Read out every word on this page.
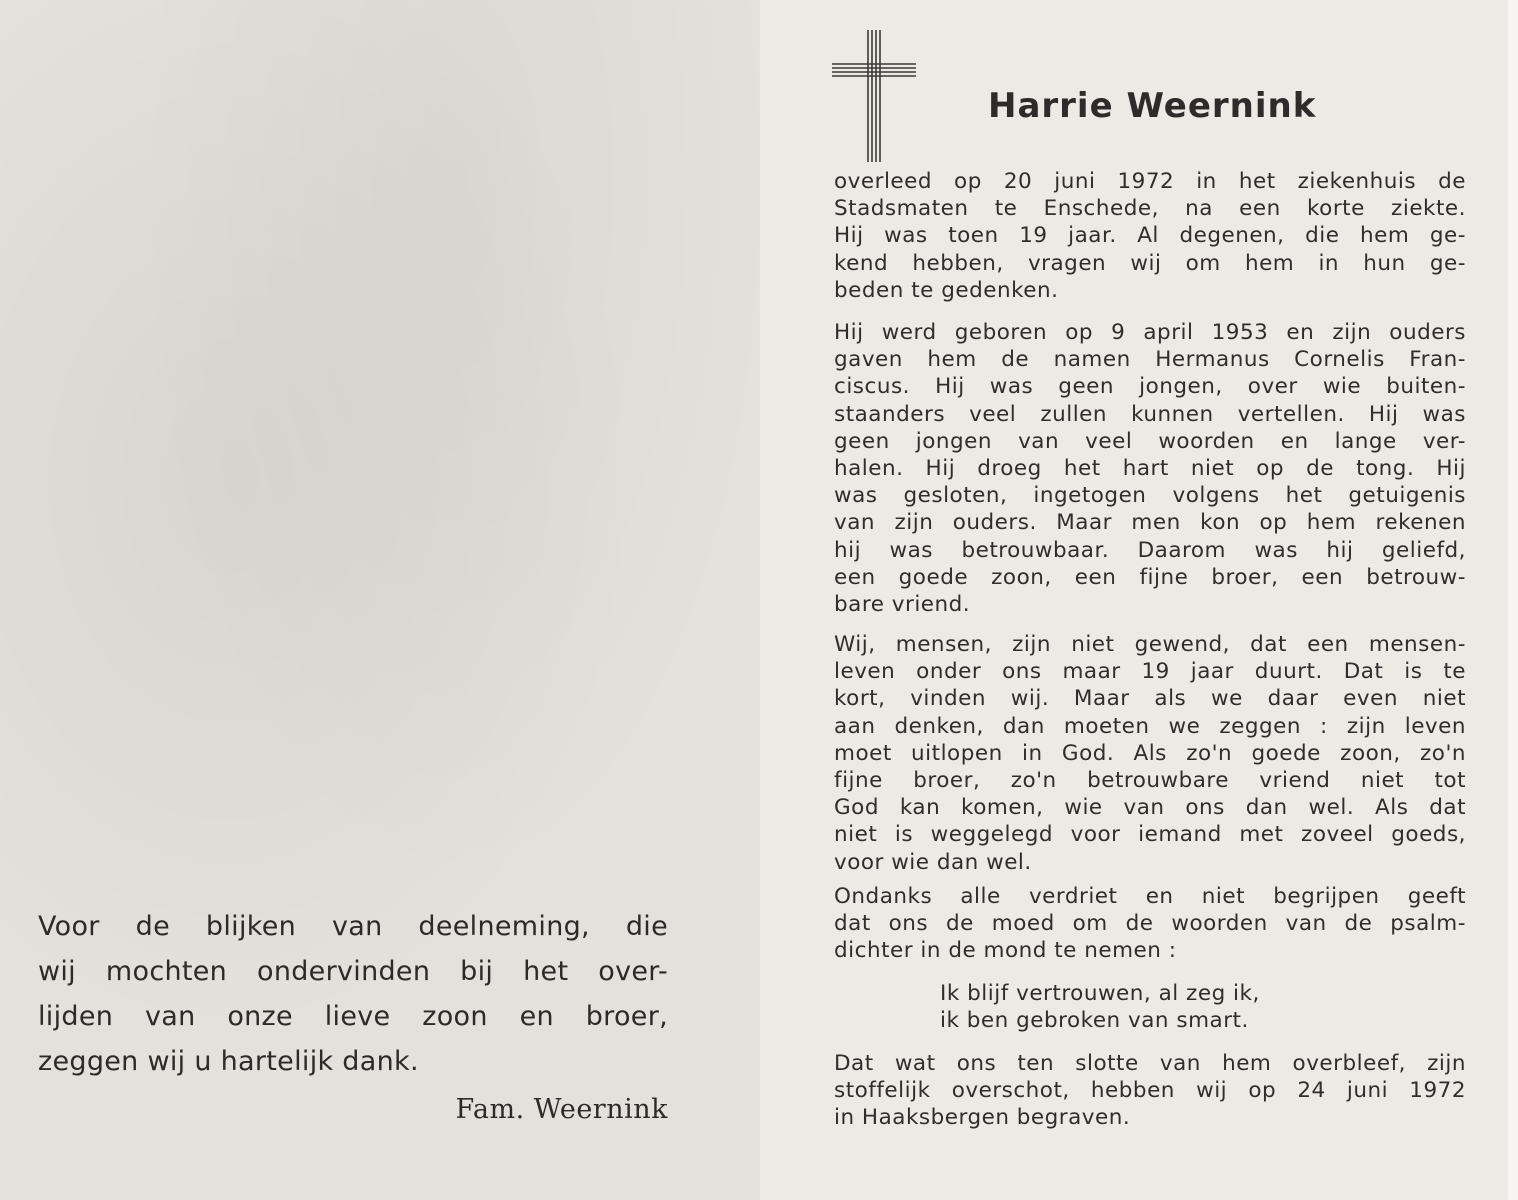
Harrie Weernink
overleed op 20 juni 1972 in het ziekenhuis de
Stadsmaten te Enschede, na een korte ziekte.
Hij was toen 19 jaar. Al degenen, die hem ge-
kend hebben, vragen wij om hem in hun ge-
beden te gedenken.
Hij werd geboren op 9 april 1953 en zijn ouders
gaven hem de namen Hermanus Cornelis Fran-
ciscus. Hij was geen jongen, over wie buiten-
staanders veel zullen kunnen vertellen. Hij was
geen jongen van veel woorden en lange ver-
halen. Hij droeg het hart niet op de tong. Hij
was gesloten, ingetogen volgens het getuigenis
van zijn ouders. Maar men kon op hem rekenen
hij was betrouwbaar. Daarom was hij geliefd,
een goede zoon, een fijne broer, een betrouw-
bare vriend.
Wij, mensen, zijn niet gewend, dat een mensen-
leven onder ons maar 19 jaar duurt. Dat is te
kort, vinden wij. Maar als we daar even niet
aan denken, dan moeten we zeggen : zijn leven
moet uitlopen in God. Als zo'n goede zoon, zo'n
fijne broer, zo'n betrouwbare vriend niet tot
God kan komen, wie van ons dan wel. Als dat
niet is weggelegd voor iemand met zoveel goeds,
voor wie dan wel.
Ondanks alle verdriet en niet begrijpen geeft
dat ons de moed om de woorden van de psalm-
dichter in de mond te nemen :
Ik blijf vertrouwen, al zeg ik,
ik ben gebroken van smart.
Dat wat ons ten slotte van hem overbleef, zijn
stoffelijk overschot, hebben wij op 24 juni 1972
in Haaksbergen begraven.
Voor de blijken van deelneming, die
wij mochten ondervinden bij het over-
lijden van onze lieve zoon en broer,
zeggen wij u hartelijk dank.
Fam. Weernink
